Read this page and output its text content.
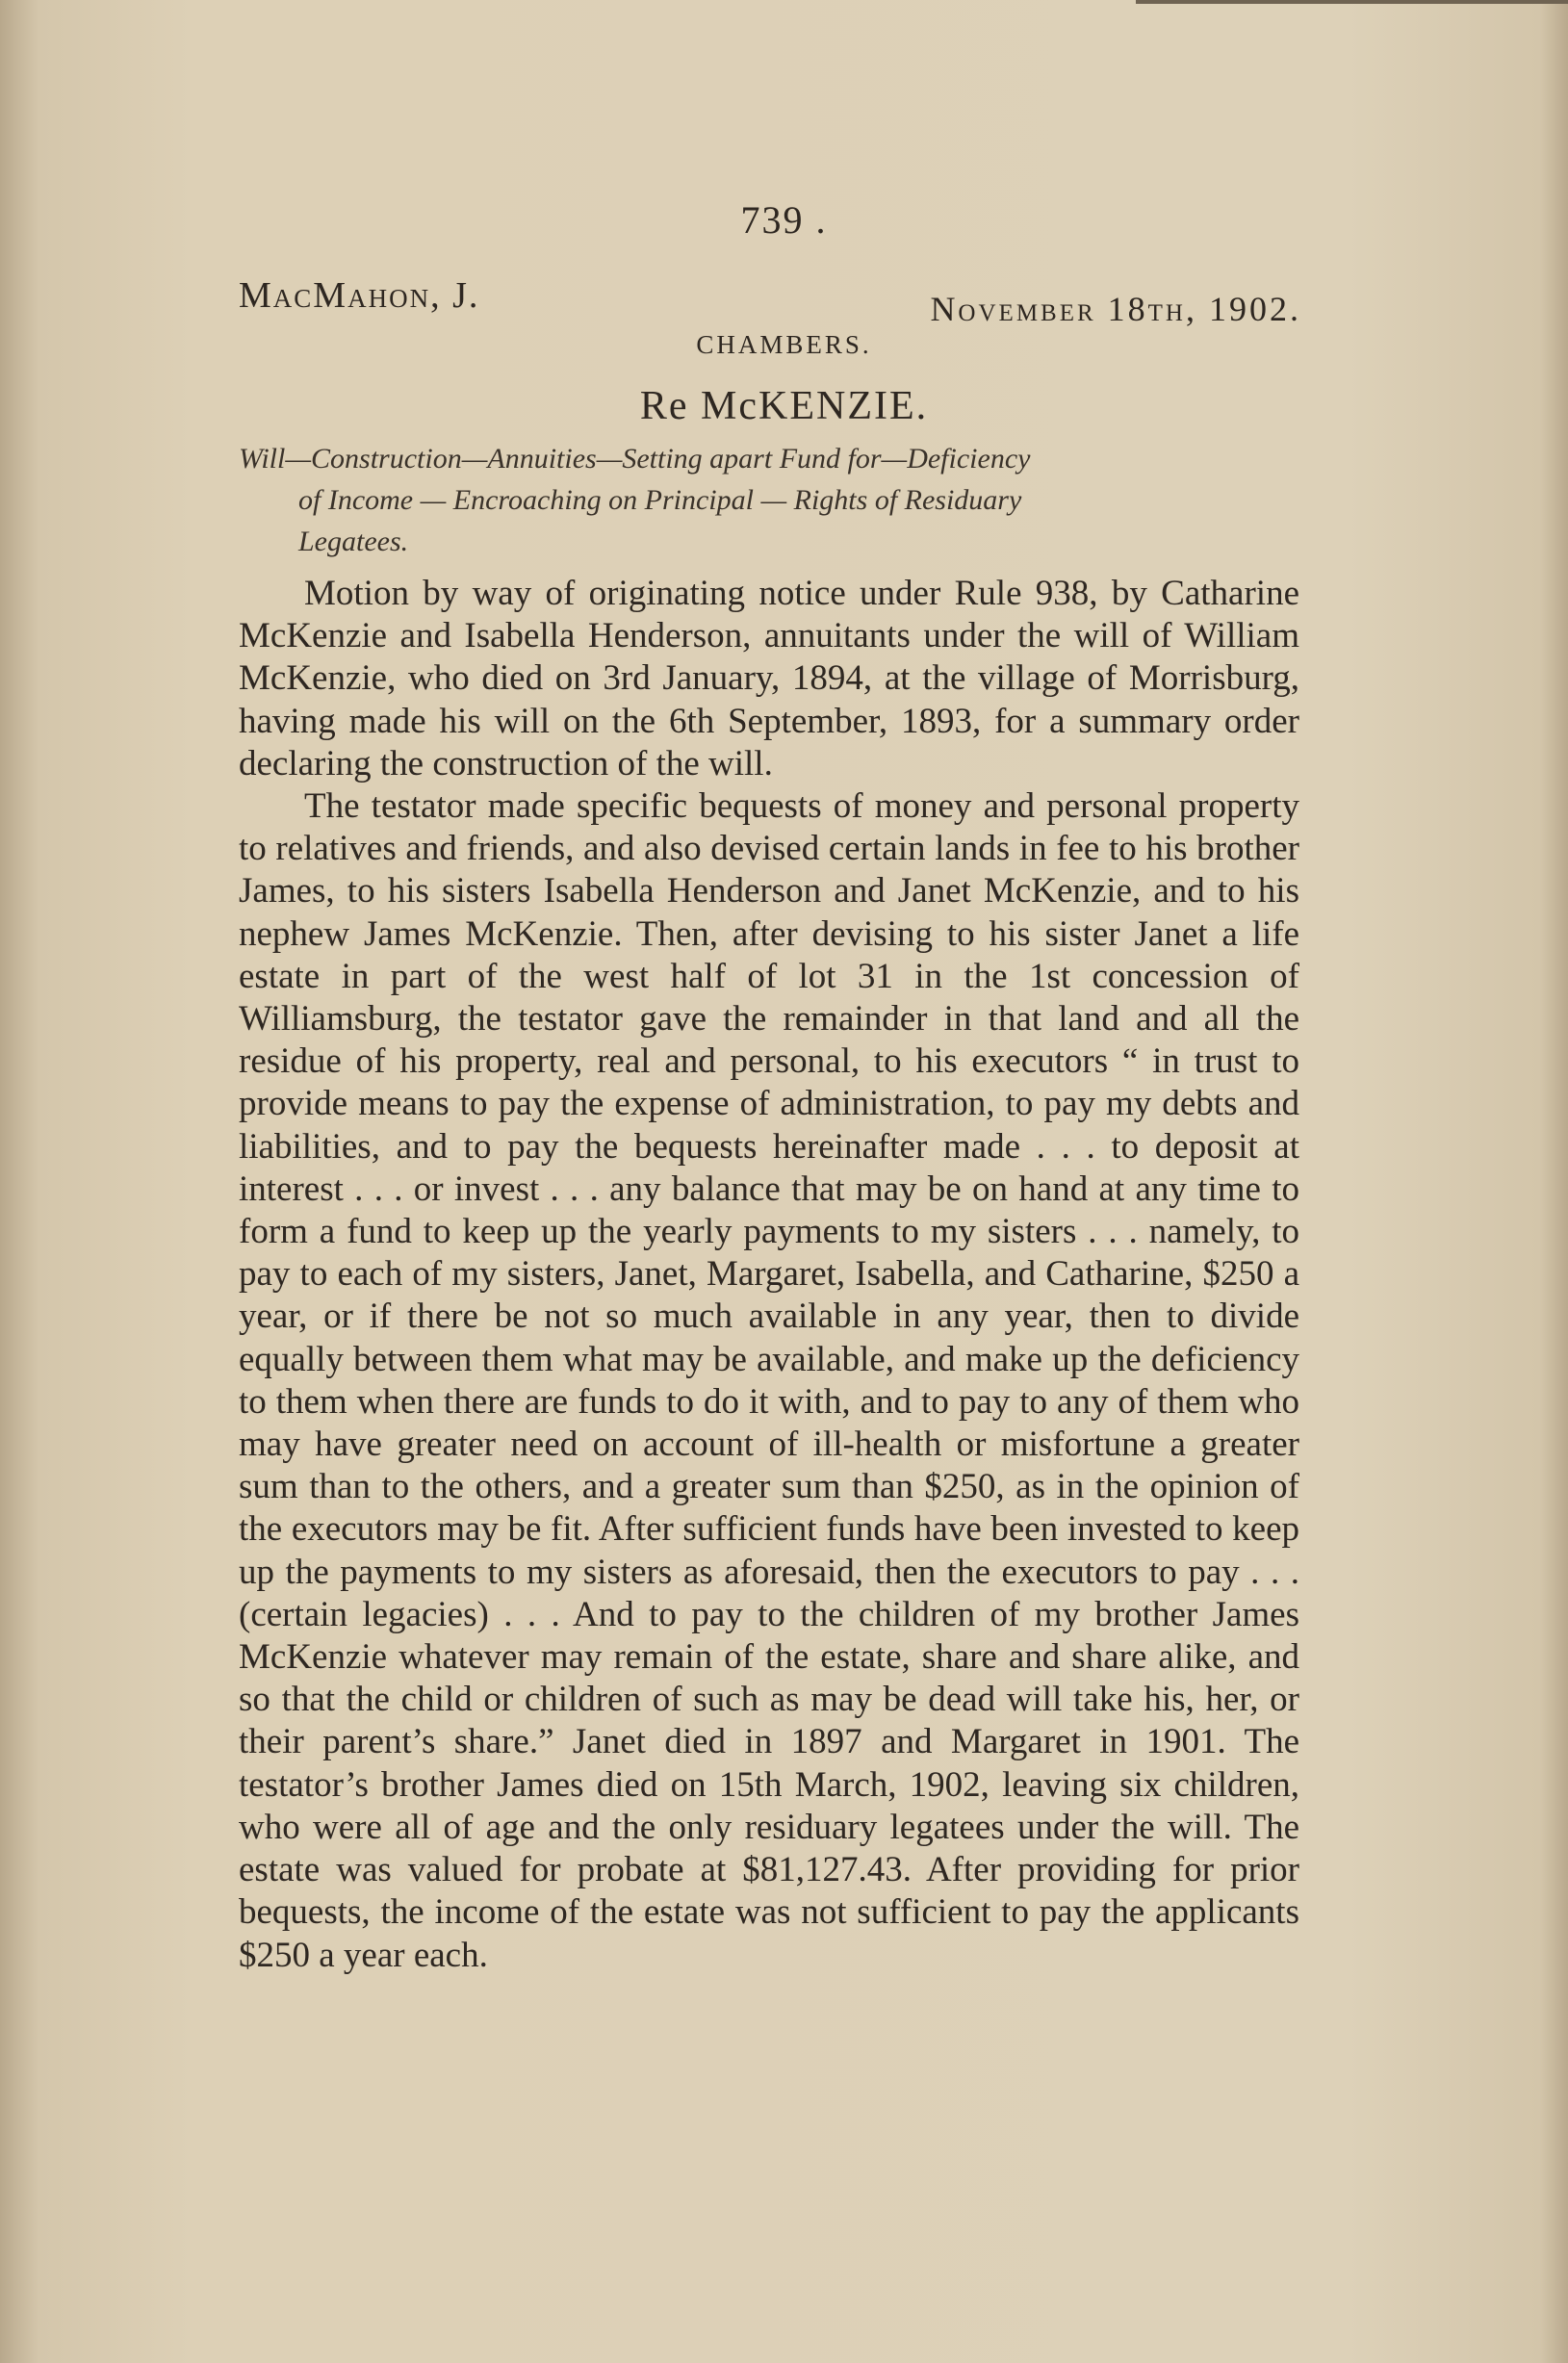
739 .
MacMahon, J.	November 18th, 1902.
CHAMBERS.
Re McKENZIE.
Will—Construction—Annuities—Setting apart Fund for—Deficiency
of Income — Encroaching on Principal — Rights of Residuary
Legatees.

Motion by way of originating notice under Rule 938, by Catharine McKenzie and Isabella Henderson, annuitants under the will of William McKenzie, who died on 3rd January, 1894, at the village of Morrisburg, having made his will on the 6th September, 1893, for a summary order declaring the construction of the will.

The testator made specific bequests of money and personal property to relatives and friends, and also devised certain lands in fee to his brother James, to his sisters Isabella Henderson and Janet McKenzie, and to his nephew James McKenzie. Then, after devising to his sister Janet a life estate in part of the west half of lot 31 in the 1st concession of Williamsburg, the testator gave the remainder in that land and all the residue of his property, real and personal, to his executors “ in trust to provide means to pay the expense of administration, to pay my debts and liabilities, and to pay the bequests hereinafter made . . . to deposit at interest . . . or invest . . . any balance that may be on hand at any time to form a fund to keep up the yearly payments to my sisters . . . namely, to pay to each of my sisters, Janet, Margaret, Isabella, and Catharine, $250 a year, or if there be not so much available in any year, then to divide equally between them what may be available, and make up the deficiency to them when there are funds to do it with, and to pay to any of them who may have greater need on account of ill-health or misfortune a greater sum than to the others, and a greater sum than $250, as in the opinion of the executors may be fit. After sufficient funds have been invested to keep up the payments to my sisters as aforesaid, then the executors to pay . . . (certain legacies) . . . And to pay to the children of my brother James McKenzie whatever may remain of the estate, share and share alike, and so that the child or children of such as may be dead will take his, her, or their parent’s share.” Janet died in 1897 and Margaret in 1901. The testator’s brother James died on 15th March, 1902, leaving six children, who were all of age and the only residuary legatees under the will. The estate was valued for probate at $81,127.43. After providing for prior bequests, the income of the estate was not sufficient to pay the applicants $250 a year each.
